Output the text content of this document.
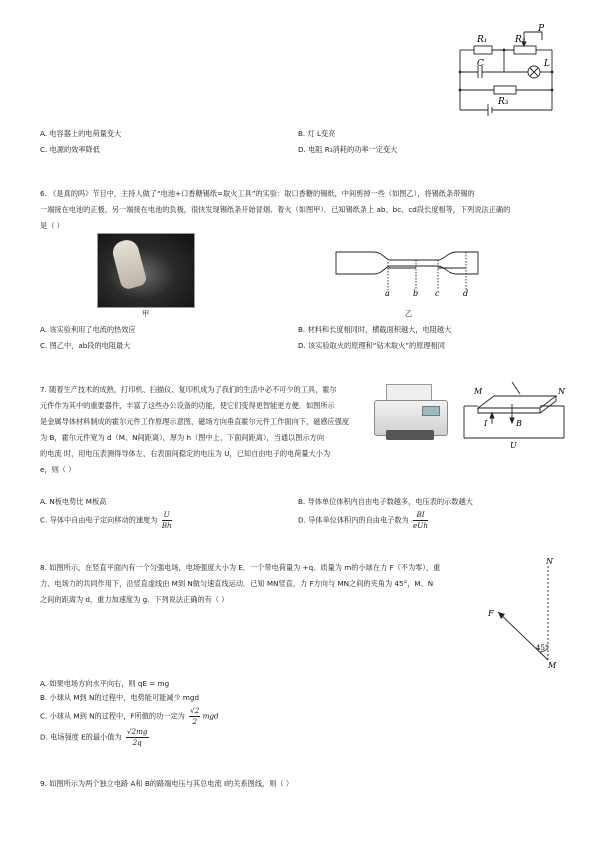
R₁	R₂
P
C	L
R₃
A. 电容器上的电荷量变大	B. 灯 L变亮
C. 电源的效率降低	D. 电阻 R₃消耗的功率一定变大
6. 《是真的吗》节目中，主持人做了“电池+口香糖锡纸=取火工具”的实验：取口香糖的锡纸，中间剪掉一些（如图乙），将锡纸条带锡的
一端接在电池的正极，另一端接在电池的负极，很快发现锡纸条开始冒烟、着火（如图甲）．已知锡纸条上 ab、bc、cd段长度相等，下列说法正确的
是（ ）
甲
a	b c	d
乙
A. 该实验利用了电流的热效应	B. 材料和长度相同时，横截面积越大，电阻越大
C. 图乙中，ab段的电阻最大	D. 该实验取火的原理和“钻木取火”的原理相同
7. 随着生产技术的成熟，打印机、扫描仪、复印机成为了我们的生活中必不可少的工具，霍尔
元件作为其中的重要器件，丰富了这些办公设备的功能，使它们变得更智能更方便．如图所示
是金属导体材料制成的霍尔元件工作原理示意图，磁场方向垂直霍尔元件工作面向下，磁感应强度
为 B，霍尔元件宽为 d（M、N间距离），厚为 h（图中上、下面间距离），当通以图示方向
的电流 时，用电压表测得导体左、右表面间稳定的电压为 U，已知自由电子的电荷量大小为
e，则（ ）
M	N
I	B
U
A. N板电势比 M板高	B. 导体单位体积内自由电子数越多，电压表的示数越大
C. 导体中自由电子定向移动的速度为 $\frac{U}{Bh}$	D. 导体单位体积内的自由电子数为
BI
eUh
8. 如图所示，在竖直平面内有一个匀强电场，电场强度大小为 E．一个带电荷量为 +q、质量为 m的小球在力 F（不为零），重
力、电场力的共同作用下，沿竖直虚线由 M到 N做匀速直线运动．已知 MN竖直，力 F方向与 MN之间的夹角为 45°，M、N
之间的距离为 d，重力加速度为 g．下列说法正确的有（ ）
N
F
45°
M
A. 如果电场方向水平向右，则 qE = mg
B. 小球从 M到 N的过程中，电势能可能减少 mgd
C. 小球从 M到 N的过程中，F所做的功一定为 $\frac{√2}{2}$ mgd
D. 电场强度 E的最小值为 $\frac{√2mg}{2q}$
9. 如图所示为两个独立电路 A和 B的路端电压与其总电流 I的关系图线，则（ ）
